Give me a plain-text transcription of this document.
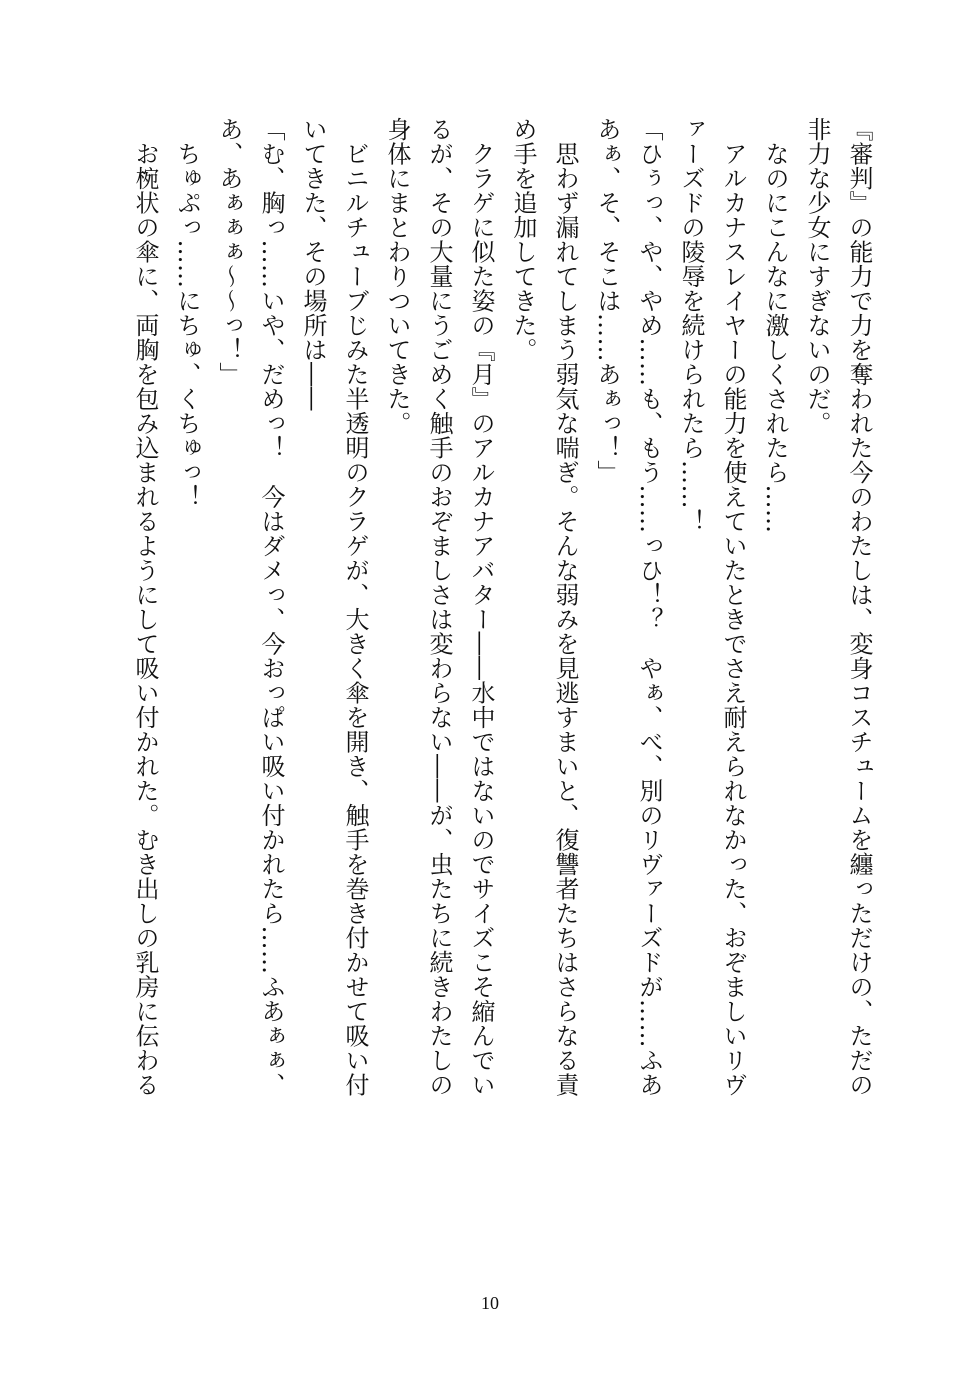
『審判』の能力で力を奪われた今のわたしは、変身コスチュームを纏っただけの、ただの
非力な少女にすぎないのだ。
　なのにこんなに激しくされたら……
　アルカナスレイヤーの能力を使えていたときでさえ耐えられなかった、おぞましいリヴ
ァーズドの陵辱を続けられたら……！
「ひぅっ、や、やめ……も、もう……っひ！？　やぁ、べ、別のリヴァーズドが……ふあ
あぁ、そ、そこは……あぁっ！」
　思わず漏れてしまう弱気な喘ぎ。そんな弱みを見逃すまいと、復讐者たちはさらなる責
め手を追加してきた。
　クラゲに似た姿の『月』のアルカナアバター――水中ではないのでサイズこそ縮んでい
るが、その大量にうごめく触手のおぞましさは変わらない――が、虫たちに続きわたしの
身体にまとわりついてきた。
　ビニルチューブじみた半透明のクラゲが、大きく傘を開き、触手を巻き付かせて吸い付
いてきた、その場所は――
「む、胸っ……いや、だめっ！　今はダメっ、今おっぱい吸い付かれたら……ふあぁぁ、
あ、あぁぁぁ～～っ！」
　ちゅぷっ……にちゅ、くちゅっ！
　お椀状の傘に、両胸を包み込まれるようにして吸い付かれた。むき出しの乳房に伝わる
10
